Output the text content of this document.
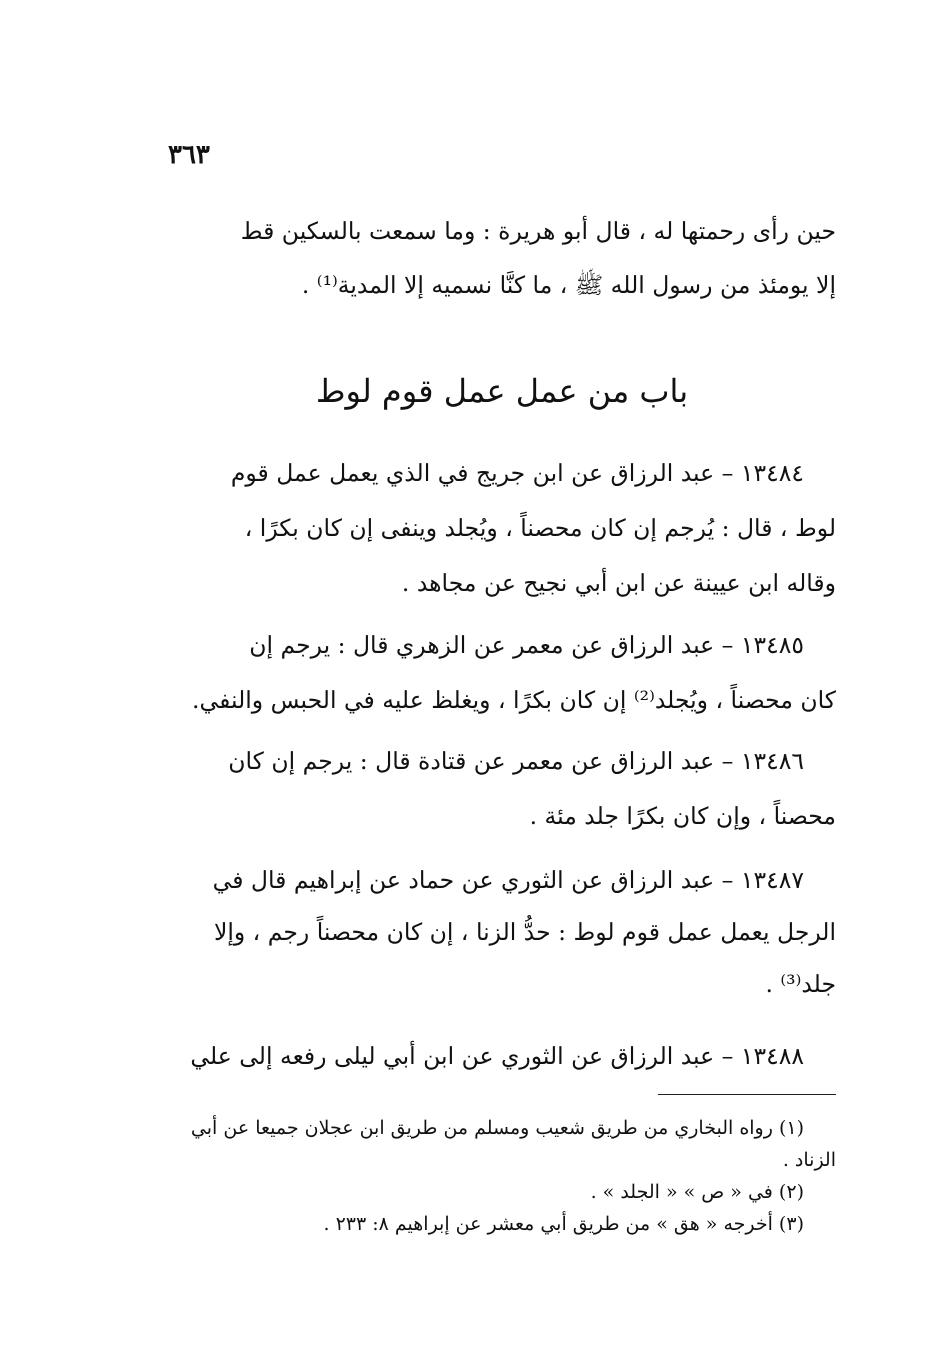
٣٦٣
حين رأى رحمتها له ، قال أبو هريرة : وما سمعت بالسكين قط
إلا يومئذ من رسول الله ﷺ ، ما كنَّا نسميه إلا المدية⁽¹⁾ .
باب من عمل عمل قوم لوط
١٣٤٨٤ – عبد الرزاق عن ابن جريج في الذي يعمل عمل قوم
لوط ، قال : يُرجم إن كان محصناً ، ويُجلد وينفى إن كان بكرًا ،
وقاله ابن عيينة عن ابن أبي نجيح عن مجاهد .
١٣٤٨٥ – عبد الرزاق عن معمر عن الزهري قال : يرجم إن
كان محصناً ، ويُجلد⁽²⁾ إن كان بكرًا ، ويغلظ عليه في الحبس والنفي.
١٣٤٨٦ – عبد الرزاق عن معمر عن قتادة قال : يرجم إن كان
محصناً ، وإن كان بكرًا جلد مئة .
١٣٤٨٧ – عبد الرزاق عن الثوري عن حماد عن إبراهيم قال في
الرجل يعمل عمل قوم لوط : حدُّ الزنا ، إن كان محصناً رجم ، وإلا
جلد⁽³⁾ .
١٣٤٨٨ – عبد الرزاق عن الثوري عن ابن أبي ليلى رفعه إلى علي
(١) رواه البخاري من طريق شعيب ومسلم من طريق ابن عجلان جميعا عن أبي
الزناد .
(٢) في « ص » « الجلد » .
(٣) أخرجه « هق » من طريق أبي معشر عن إبراهيم ٨: ٢٣٣ .
